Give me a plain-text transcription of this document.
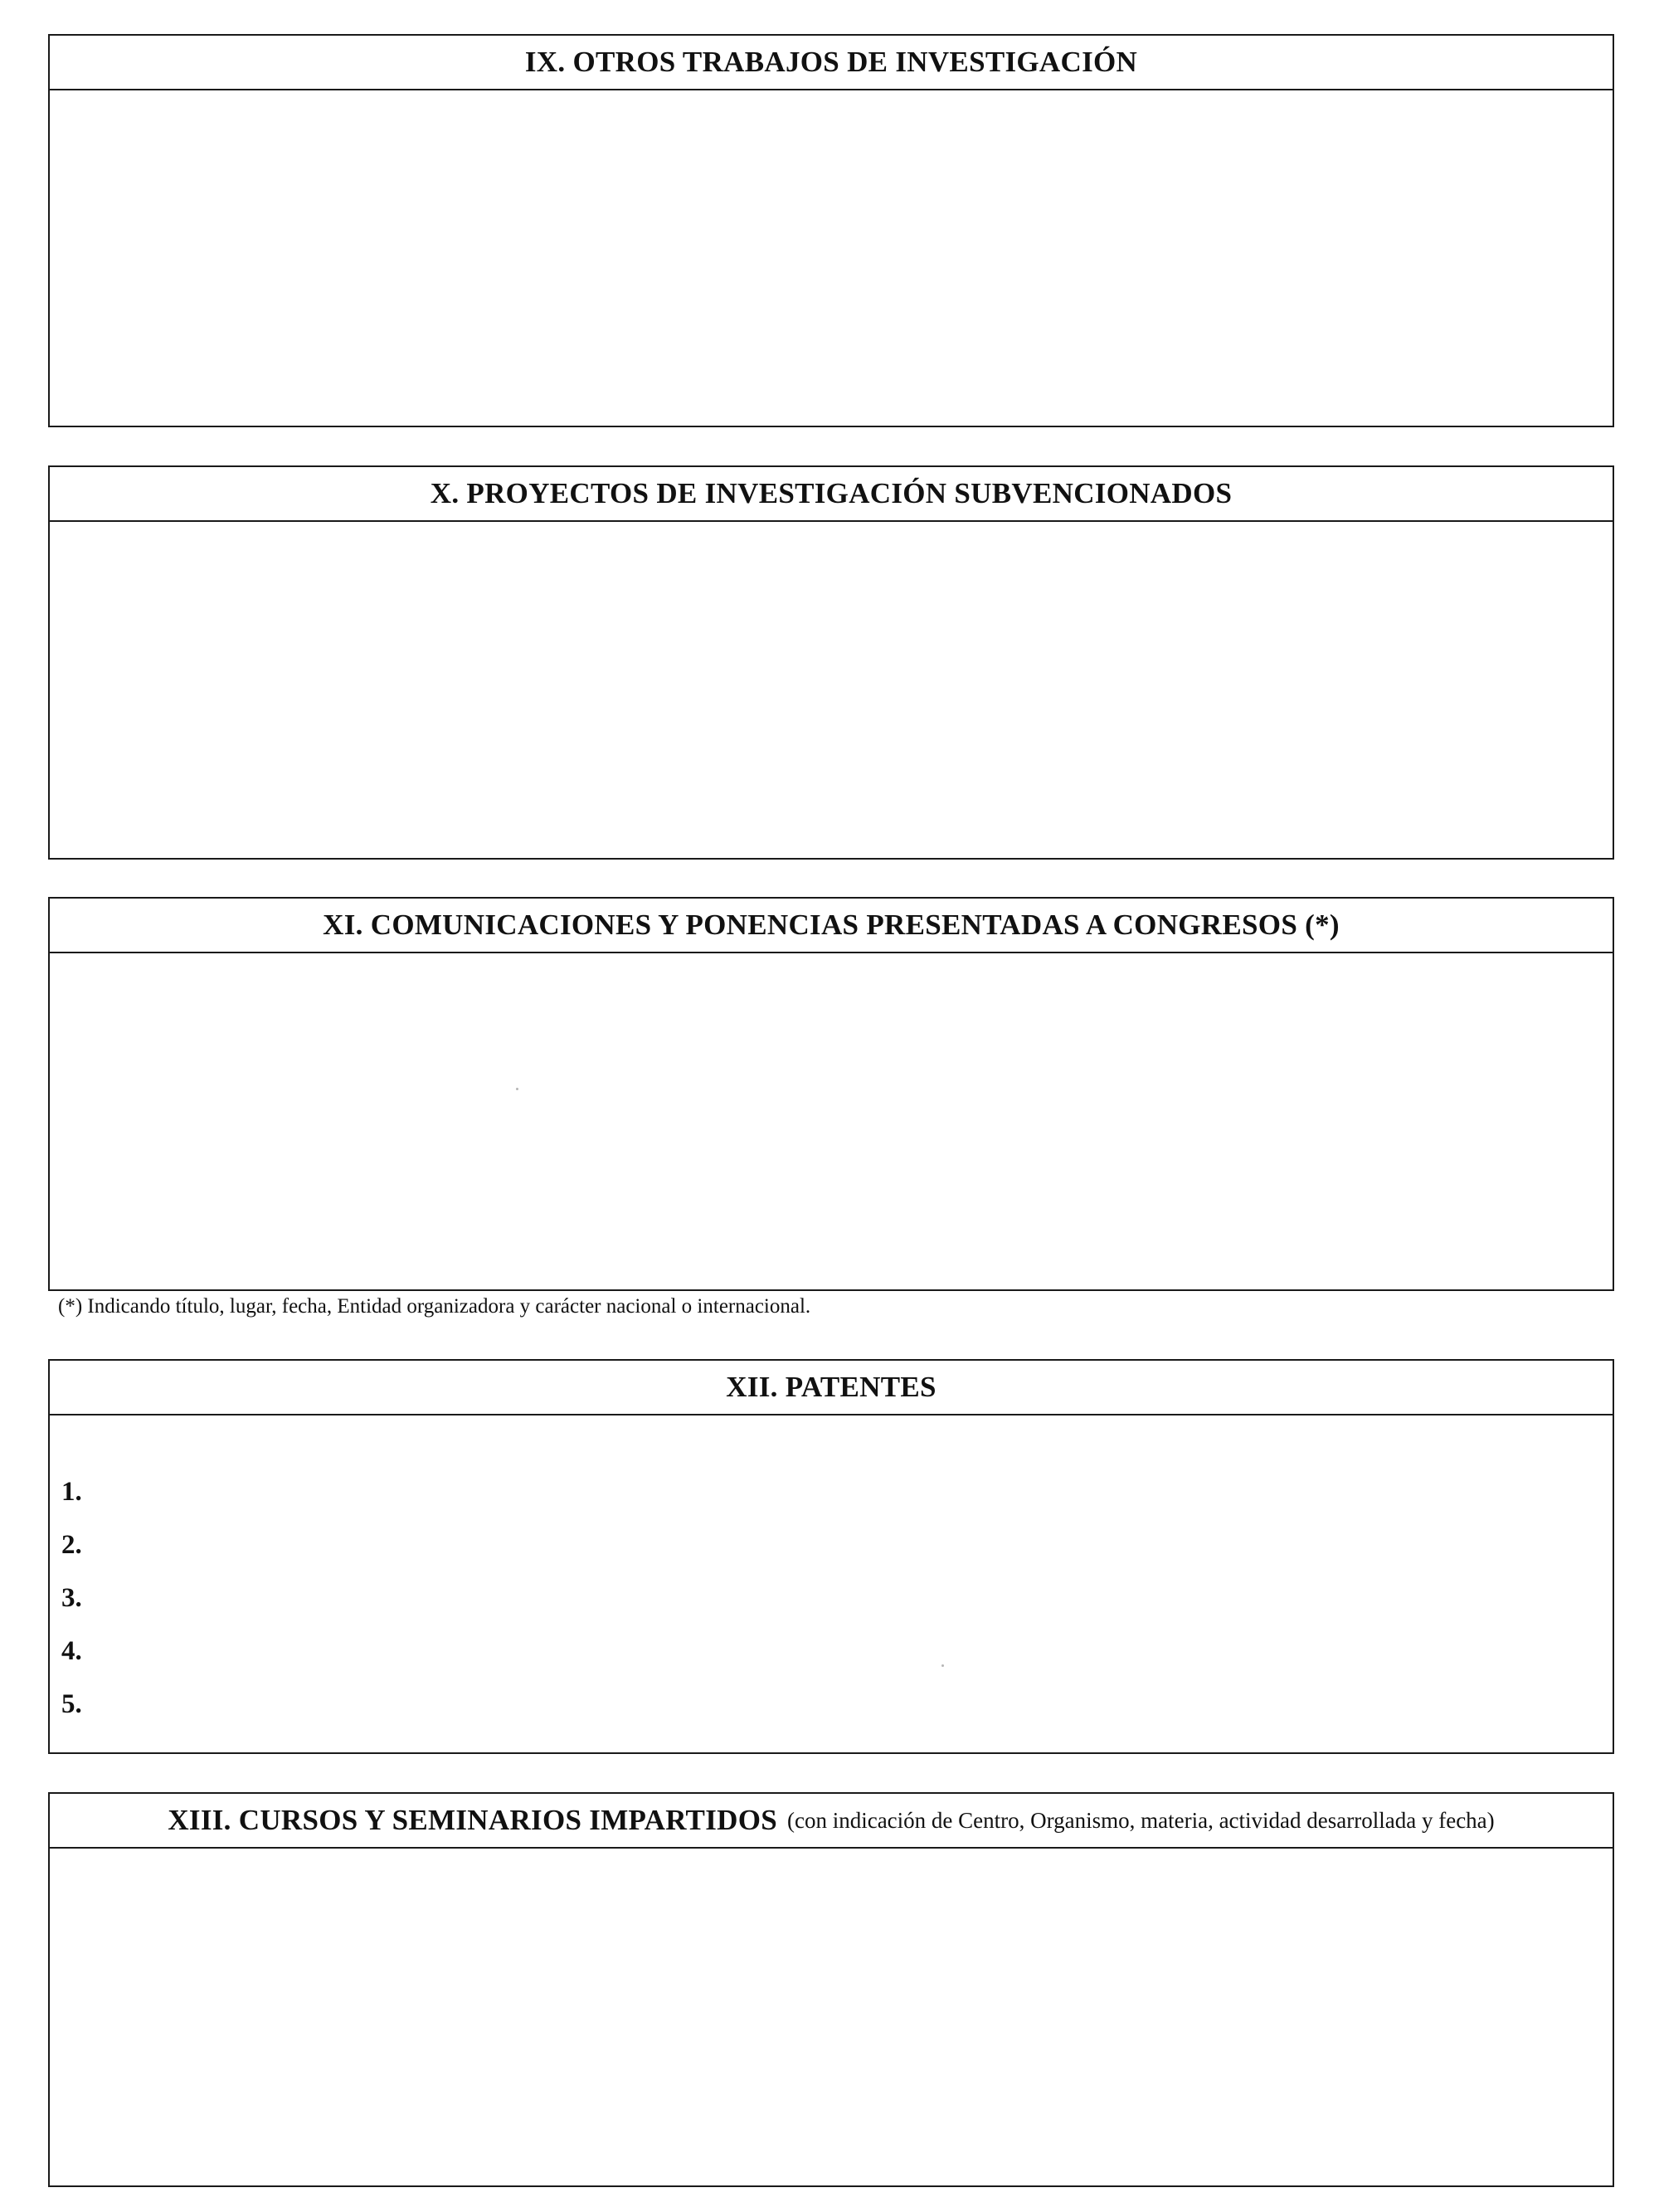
IX. OTROS TRABAJOS DE INVESTIGACIÓN
X. PROYECTOS DE INVESTIGACIÓN SUBVENCIONADOS
XI. COMUNICACIONES Y PONENCIAS PRESENTADAS A CONGRESOS (*)
(*) Indicando título, lugar, fecha, Entidad organizadora y carácter nacional o internacional.
XII. PATENTES
1.
2.
3.
4.
5.
XIII. CURSOS Y SEMINARIOS IMPARTIDOS (con indicación de Centro, Organismo, materia, actividad desarrollada y fecha)
